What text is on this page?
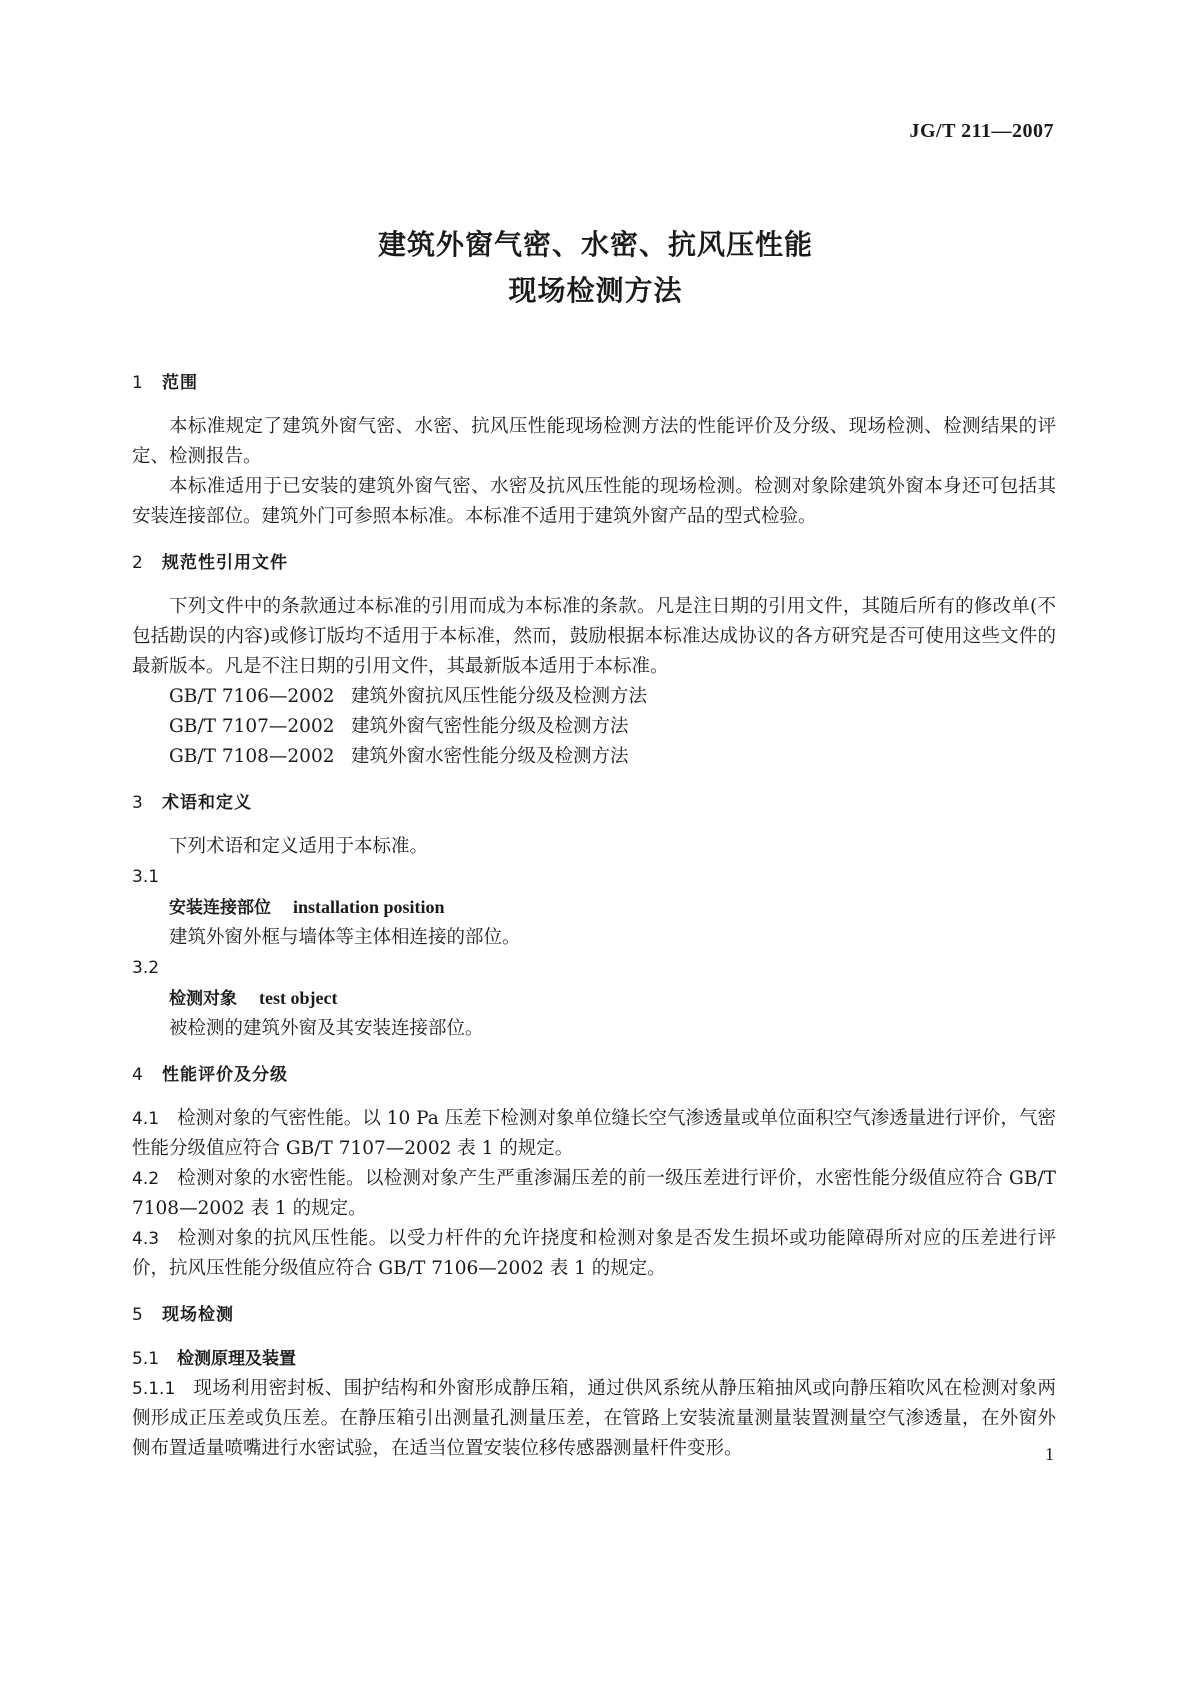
JG/T 211—2007
建筑外窗气密、水密、抗风压性能
现场检测方法
1 范围
本标准规定了建筑外窗气密、水密、抗风压性能现场检测方法的性能评价及分级、现场检测、检测结果的评定、检测报告。
本标准适用于已安装的建筑外窗气密、水密及抗风压性能的现场检测。检测对象除建筑外窗本身还可包括其安装连接部位。建筑外门可参照本标准。本标准不适用于建筑外窗产品的型式检验。
2 规范性引用文件
下列文件中的条款通过本标准的引用而成为本标准的条款。凡是注日期的引用文件，其随后所有的修改单(不包括勘误的内容)或修订版均不适用于本标准，然而，鼓励根据本标准达成协议的各方研究是否可使用这些文件的最新版本。凡是不注日期的引用文件，其最新版本适用于本标准。
GB/T 7106—2002 建筑外窗抗风压性能分级及检测方法
GB/T 7107—2002 建筑外窗气密性能分级及检测方法
GB/T 7108—2002 建筑外窗水密性能分级及检测方法
3 术语和定义
下列术语和定义适用于本标准。
3.1
安装连接部位 installation position
建筑外窗外框与墙体等主体相连接的部位。
3.2
检测对象 test object
被检测的建筑外窗及其安装连接部位。
4 性能评价及分级
4.1 检测对象的气密性能。以 10 Pa 压差下检测对象单位缝长空气渗透量或单位面积空气渗透量进行评价，气密性能分级值应符合 GB/T 7107—2002 表 1 的规定。
4.2 检测对象的水密性能。以检测对象产生严重渗漏压差的前一级压差进行评价，水密性能分级值应符合 GB/T 7108—2002 表 1 的规定。
4.3 检测对象的抗风压性能。以受力杆件的允许挠度和检测对象是否发生损坏或功能障碍所对应的压差进行评价，抗风压性能分级值应符合 GB/T 7106—2002 表 1 的规定。
5 现场检测
5.1 检测原理及装置
5.1.1 现场利用密封板、围护结构和外窗形成静压箱，通过供风系统从静压箱抽风或向静压箱吹风在检测对象两侧形成正压差或负压差。在静压箱引出测量孔测量压差，在管路上安装流量测量装置测量空气渗透量，在外窗外侧布置适量喷嘴进行水密试验，在适当位置安装位移传感器测量杆件变形。	1
